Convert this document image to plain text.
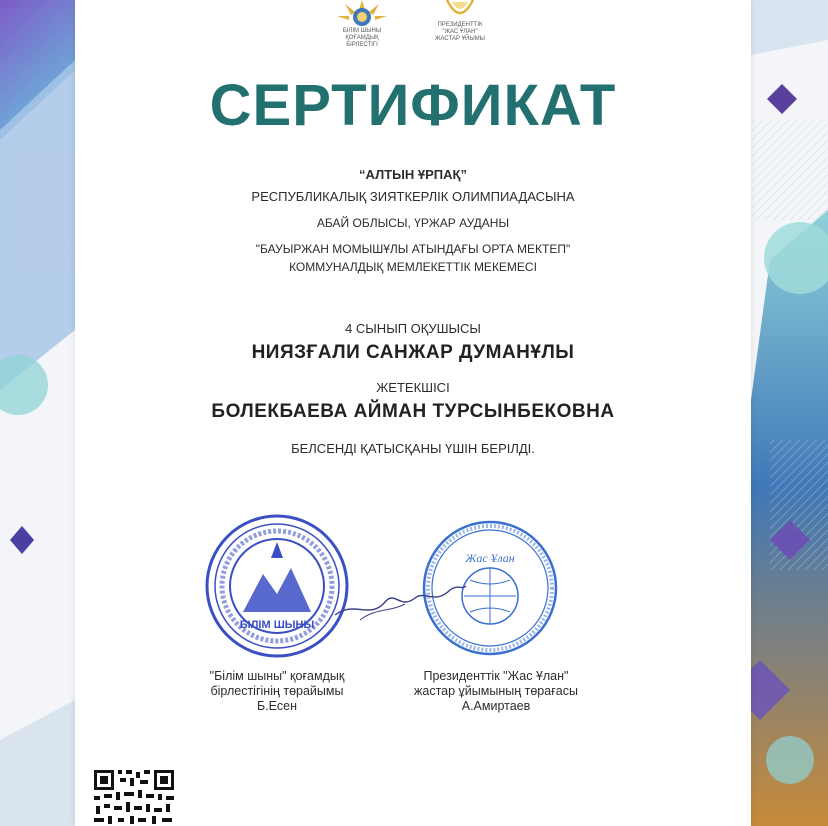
БІЛІМ ШЫНЫ
ҚОҒАМДЫҚ БІРЛЕСТІГІ
ПРЕЗИДЕНТТІК
"ЖАС ҰЛАН"
ЖАСТАР ҰЙЫМЫ
СЕРТИФИКАТ
“АЛТЫН ҰРПАҚ”
РЕСПУБЛИКАЛЫҚ ЗИЯТКЕРЛІК ОЛИМПИАДАСЫНА
АБАЙ ОБЛЫСЫ, ҮРЖАР АУДАНЫ
"БАУЫРЖАН МОМЫШҰЛЫ АТЫНДАҒЫ ОРТА МЕКТЕП"
КОММУНАЛДЫҚ МЕМЛЕКЕТТІК МЕКЕМЕСІ
4 СЫНЫП ОҚУШЫСЫ
НИЯЗҒАЛИ САНЖАР ДУМАНҰЛЫ
ЖЕТЕКШІСІ
БОЛЕКБАЕВА АЙМАН ТУРСЫНБЕКОВНА
БЕЛСЕНДІ ҚАТЫСҚАНЫ ҮШІН БЕРІЛДІ.
БІЛІМ ШЫНЫ
Жас Ұлан
"Білім шыны" қоғамдық
бірлестігінің төрайымы
Б.Есен
Президенттік "Жас Ұлан"
жастар ұйымының төрағасы
А.Амиртаев
